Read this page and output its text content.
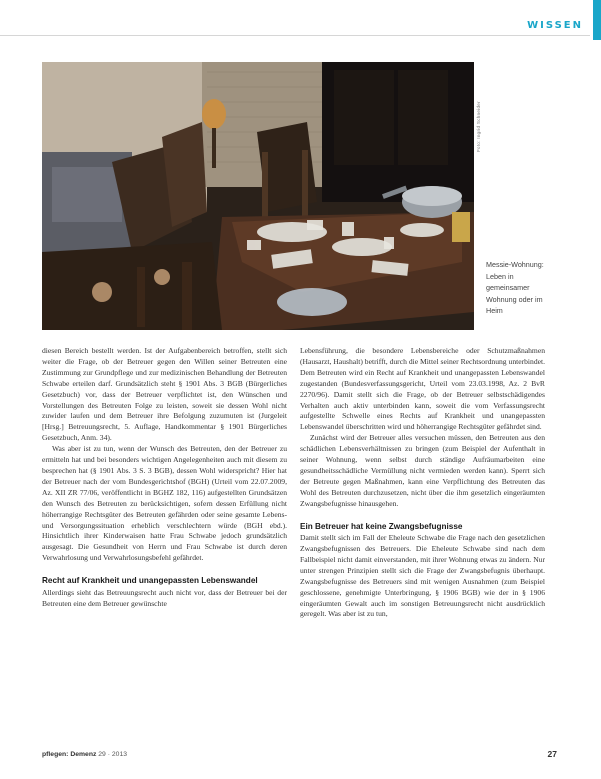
WISSEN
Foto: Ingrid Schneider
Messie-Wohnung: Leben in gemeinsamer Wohnung oder im Heim

diesen Bereich bestellt werden. Ist der Aufgabenbereich betroffen, stellt sich weiter die Frage, ob der Betreuer gegen den Willen seiner Betreuten eine Zustimmung zur Grundpflege und zur medizinischen Behandlung der Betreuten Schwabe erteilen darf. Grundsätzlich steht § 1901 Abs. 3 BGB (Bürgerliches Gesetzbuch) vor, dass der Betreuer verpflichtet ist, den Wünschen und Vorstellungen des Betreuten Folge zu leisten, soweit sie dessen Wohl nicht zuwider laufen und dem Betreuer ihre Befolgung zuzumuten ist (Jurgeleit [Hrsg.] Betreuungsrecht, 5. Auflage, Handkommentar § 1901 Bürgerliches Gesetzbuch, Anm. 34).

Was aber ist zu tun, wenn der Wunsch des Betreuten, den der Betreuer zu ermitteln hat und bei besonders wichtigen Angelegenheiten auch mit diesem zu besprechen hat (§ 1901 Abs. 3 S. 3 BGB), dessen Wohl widerspricht? Hier hat der Betreuer nach der vom Bundesgerichtshof (BGH) (Urteil vom 22.07.2009, Az. XII ZR 77/06, veröffentlicht in BGHZ 182, 116) aufgestellten Grundsätzen den Wunsch des Betreuten zu berücksichtigen, sofern dessen Erfüllung nicht höherrangige Rechtsgüter des Betreuten gefährden oder seine gesamte Lebens- und Versorgungssituation erheblich verschlechtern würde (BGH ebd.). Hinsichtlich ihrer Kinderwaisen hatte Frau Schwabe jedoch grundsätzlich ausgesagt. Die Gesundheit von Herrn und Frau Schwabe ist durch deren Verwahrlosung und Verwahrlosungsbefehl gefährdet.

Recht auf Krankheit und unangepassten Lebenswandel

Allerdings sieht das Betreuungsrecht auch nicht vor, dass der Betreuer bei der Betreuten eine dem Betreuer gewünschte

Lebensführung, die besondere Lebensbereiche oder Schutzmaßnahmen (Hausarzt, Haushalt) betrifft, durch die Mittel seiner Rechtsordnung unterbindet. Dem Betreuten wird ein Recht auf Krankheit und unangepassten Lebenswandel zugestanden (Bundesverfassungsgericht, Urteil vom 23.03.1998, Az. 2 BvR 2270/96). Damit stellt sich die Frage, ob der Betreuer selbstschädigendes Verhalten auch aktiv unterbinden kann, soweit die vom Verfassungsrecht aufgestellte Schwelle eines Rechts auf Krankheit und unangepassten Lebenswandel überschritten wird und höherrangige Rechtsgüter gefährdet sind.

Zunächst wird der Betreuer alles versuchen müssen, den Betreuten aus den schädlichen Lebensverhältnissen zu bringen (zum Beispiel der Aufenthalt in seiner Wohnung, wenn selbst durch ständige Aufräumarbeiten eine gesundheitsschädliche Vermüllung nicht vermieden werden kann). Sperrt sich der Betreute gegen Maßnahmen, kann eine Verpflichtung des Betreuten das Wohl des Betreuten durchzusetzen, nicht über die ihm gesetzlich eingeräumten Zwangsbefugnisse hinausgehen.

Ein Betreuer hat keine Zwangsbefugnisse

Damit stellt sich im Fall der Eheleute Schwabe die Frage nach den gesetzlichen Zwangsbefugnissen des Betreuers. Die Eheleute Schwabe sind nach dem Fallbeispiel nicht damit einverstanden, mit ihrer Wohnung etwas zu ändern. Nur unter strengen Prinzipien stellt sich die Frage der Zwangsbefugnis überhaupt. Zwangsbefugnisse des Betreuers sind mit wenigen Ausnahmen (zum Beispiel geschlossene, genehmigte Unterbringung, § 1906 BGB) wie der in § 1906 eingeräumten Gewalt auch im sonstigen Betreuungsrecht nicht ausdrücklich geregelt. Was aber ist zu tun,

pflegen: Demenz 29 · 2013	27
